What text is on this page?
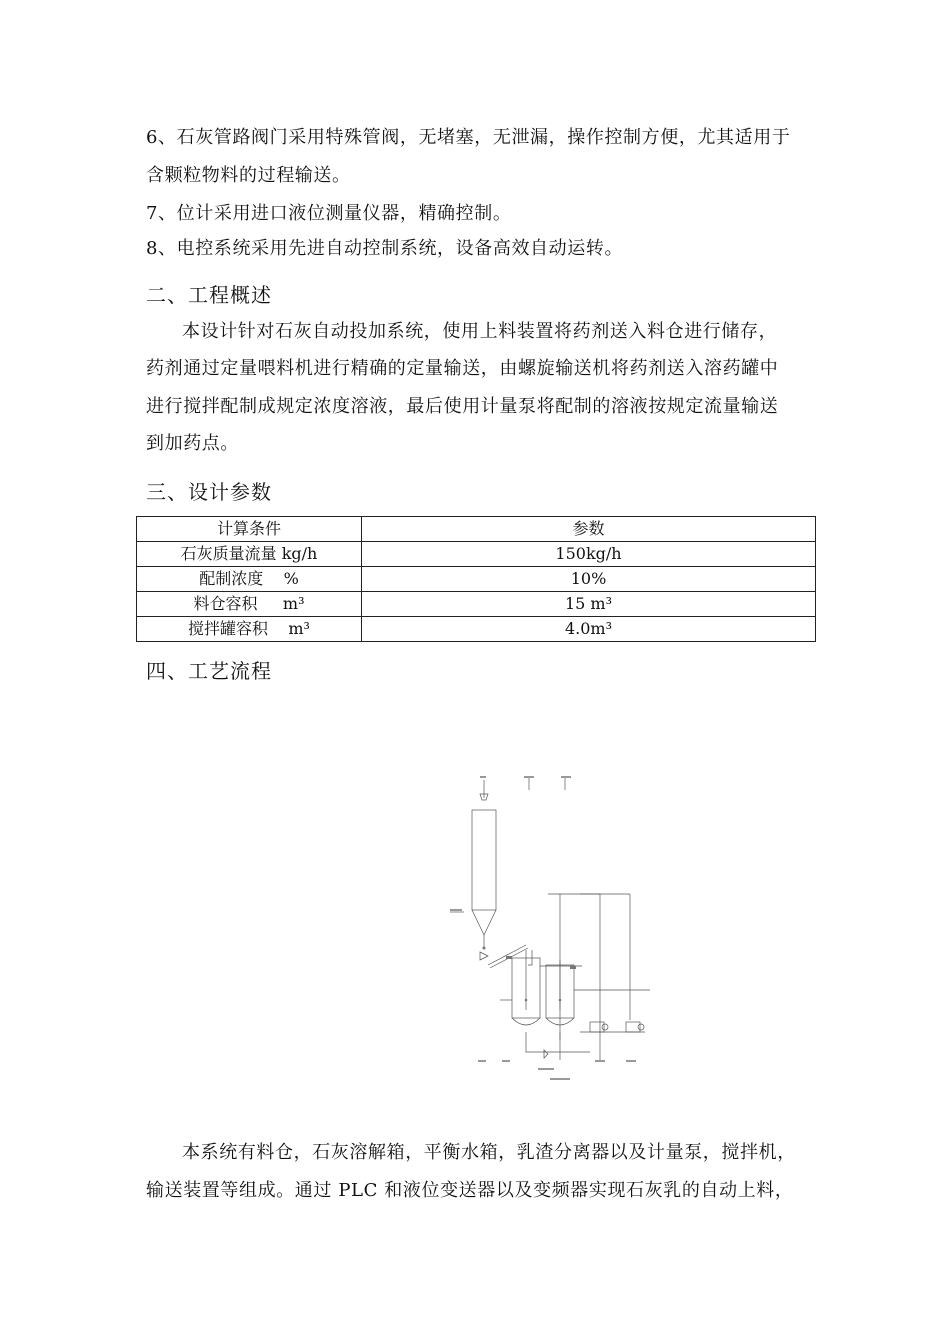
6、石灰管路阀门采用特殊管阀，无堵塞，无泄漏，操作控制方便，尤其适用于
含颗粒物料的过程输送。
7、位计采用进口液位测量仪器，精确控制。
8、电控系统采用先进自动控制系统，设备高效自动运转。
二、工程概述
本设计针对石灰自动投加系统，使用上料装置将药剂送入料仓进行储存，
药剂通过定量喂料机进行精确的定量输送，由螺旋输送机将药剂送入溶药罐中
进行搅拌配制成规定浓度溶液，最后使用计量泵将配制的溶液按规定流量输送
到加药点。
三、设计参数
计算条件	参数
石灰质量流量 kg/h	150kg/h
配制浓度    %	10%
料仓容积     m³	15 m³
搅拌罐容积    m³	4.0m³
四、工艺流程
本系统有料仓，石灰溶解箱，平衡水箱，乳渣分离器以及计量泵，搅拌机，
输送装置等组成。通过 PLC 和液位变送器以及变频器实现石灰乳的自动上料，
